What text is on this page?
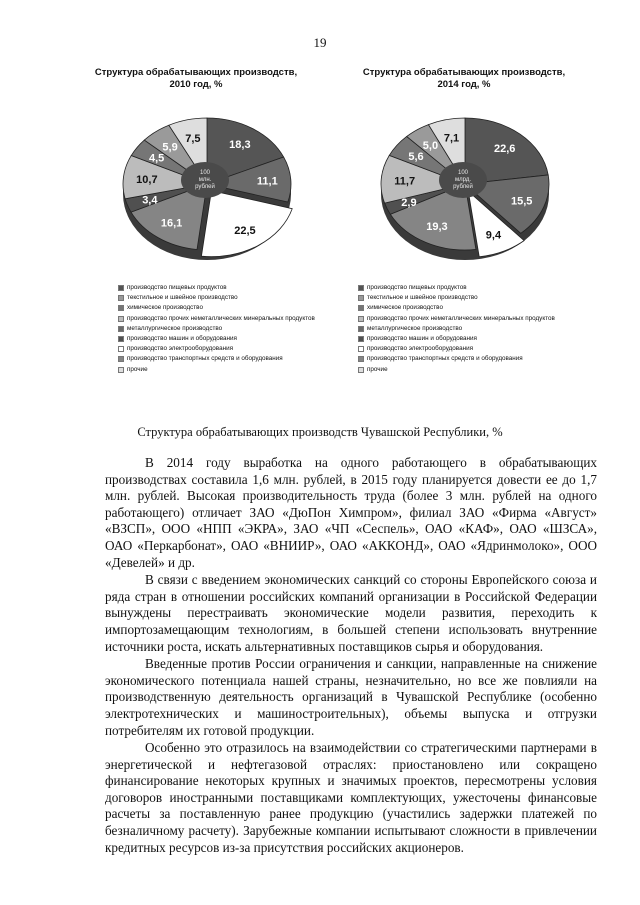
19
Структура обрабатывающих производств,
2010 год, %
100
млн.
рублей
18,3
11,1
22,5
16,1
3,4
10,7
4,5
5,9
7,5
производство пищевых продуктов
текстильное и швейное производство
химическое производство
производство прочих неметаллических минеральных продуктов
металлургическое производство
производство машин и оборудования
производство электрооборудования
производство транспортных средств и оборудования
прочие
Структура обрабатывающих производств,
2014 год, %
100
млрд.
рублей
22,6
15,5
9,4
19,3
2,9
11,7
5,6
5,0
7,1
производство пищевых продуктов
текстильное и швейное производство
химическое производство
производство прочих неметаллических минеральных продуктов
металлургическое производство
производство машин и оборудования
производство электрооборудования
производство транспортных средств и оборудования
прочие
Структура обрабатывающих производств Чувашской Республики, %

В 2014 году выработка на одного работающего в обрабатывающих производствах составила 1,6 млн. рублей, в 2015 году планируется довести ее до 1,7 млн. рублей. Высокая производительность труда (более 3 млн. рублей на одного работающего) отличает ЗАО «ДюПон Химпром», филиал ЗАО «Фирма «Август» «ВЗСП», ООО «НПП «ЭКРА», ЗАО «ЧП «Сеспель», ОАО «КАФ», ОАО «ШЗСА», ОАО «Перкарбонат», ОАО «ВНИИР», ОАО «АККОНД», ОАО «Ядринмолоко», ООО «Девелей» и др.

В связи с введением экономических санкций со стороны Европейского союза и ряда стран в отношении российских компаний организации в Российской Федерации вынуждены перестраивать экономические модели развития, переходить к импортозамещающим технологиям, в большей степени использовать внутренние источники роста, искать альтернативных поставщиков сырья и оборудования.

Введенные против России ограничения и санкции, направленные на снижение экономического потенциала нашей страны, незначительно, но все же повлияли на производственную деятельность организаций в Чувашской Республике (особенно электротехнических и машиностроительных), объемы выпуска и отгрузки потребителям их готовой продукции.

Особенно это отразилось на взаимодействии со стратегическими партнерами в энергетической и нефтегазовой отраслях: приостановлено или сокращено финансирование некоторых крупных и значимых проектов, пересмотрены условия договоров иностранными поставщиками комплектующих, ужесточены финансовые расчеты за поставленную ранее продукцию (участились задержки платежей по безналичному расчету). Зарубежные компании испытывают сложности в привлечении кредитных ресурсов из-за присутствия российских акционеров.
